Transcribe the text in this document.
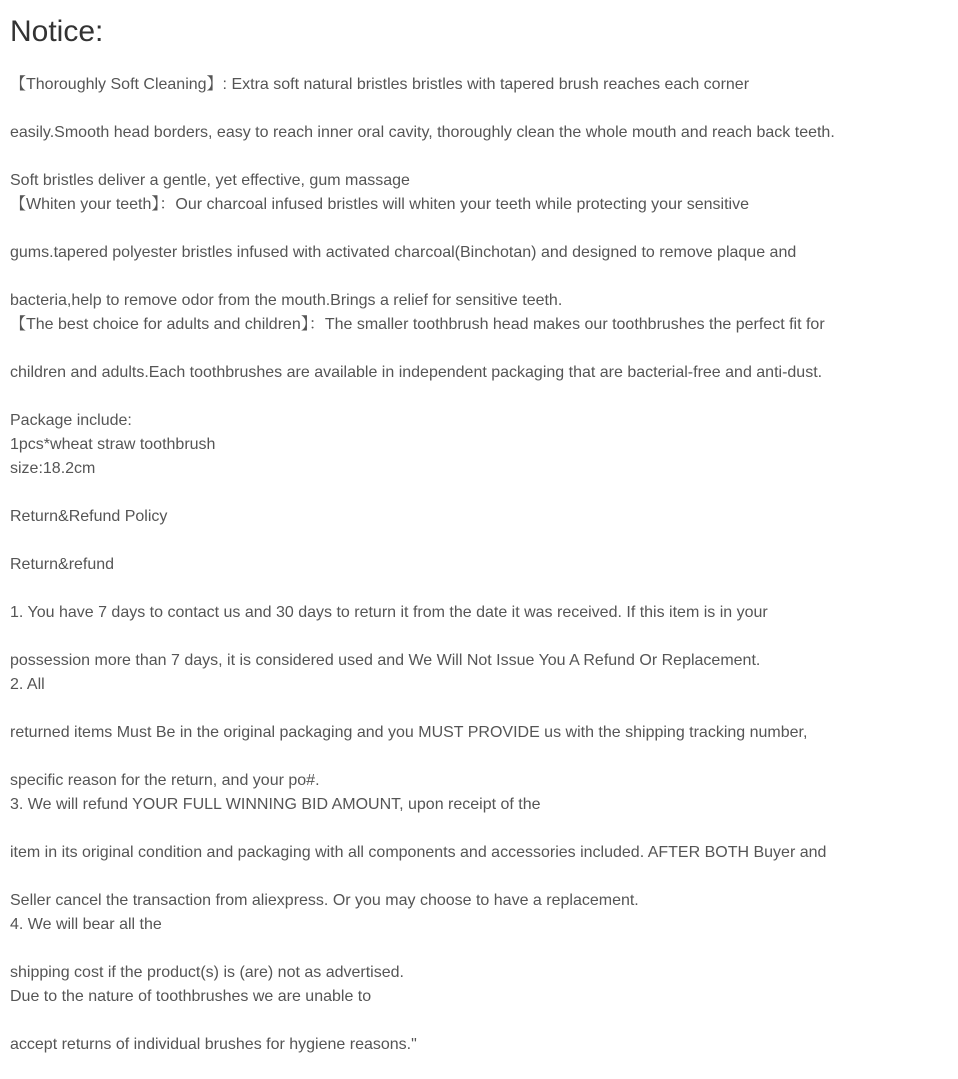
Notice:
【Thoroughly Soft Cleaning】: Extra soft natural bristles bristles with tapered brush reaches each corner
easily.Smooth head borders, easy to reach inner oral cavity, thoroughly clean the whole mouth and reach back teeth.
Soft bristles deliver a gentle, yet effective, gum massage
【Whiten your teeth】：Our charcoal infused bristles will whiten your teeth while protecting your sensitive
gums.tapered polyester bristles infused with activated charcoal(Binchotan) and designed to remove plaque and
bacteria,help to remove odor from the mouth.Brings a relief for sensitive teeth.
【The best choice for adults and children】：The smaller toothbrush head makes our toothbrushes the perfect fit for
children and adults.Each toothbrushes are available in independent packaging that are bacterial-free and anti-dust.
Package include:
1pcs*wheat straw toothbrush
size:18.2cm
Return&Refund Policy
Return&refund
1. You have 7 days to contact us and 30 days to return it from the date it was received. If this item is in your
possession more than 7 days, it is considered used and We Will Not Issue You A Refund Or Replacement.
2. All
returned items Must Be in the original packaging and you MUST PROVIDE us with the shipping tracking number,
specific reason for the return, and your po#.
3. We will refund YOUR FULL WINNING BID AMOUNT, upon receipt of the
item in its original condition and packaging with all components and accessories included. AFTER BOTH Buyer and
Seller cancel the transaction from aliexpress. Or you may choose to have a replacement.
4. We will bear all the
shipping cost if the product(s) is (are) not as advertised.
Due to the nature of toothbrushes we are unable to
accept returns of individual brushes for hygiene reasons."
